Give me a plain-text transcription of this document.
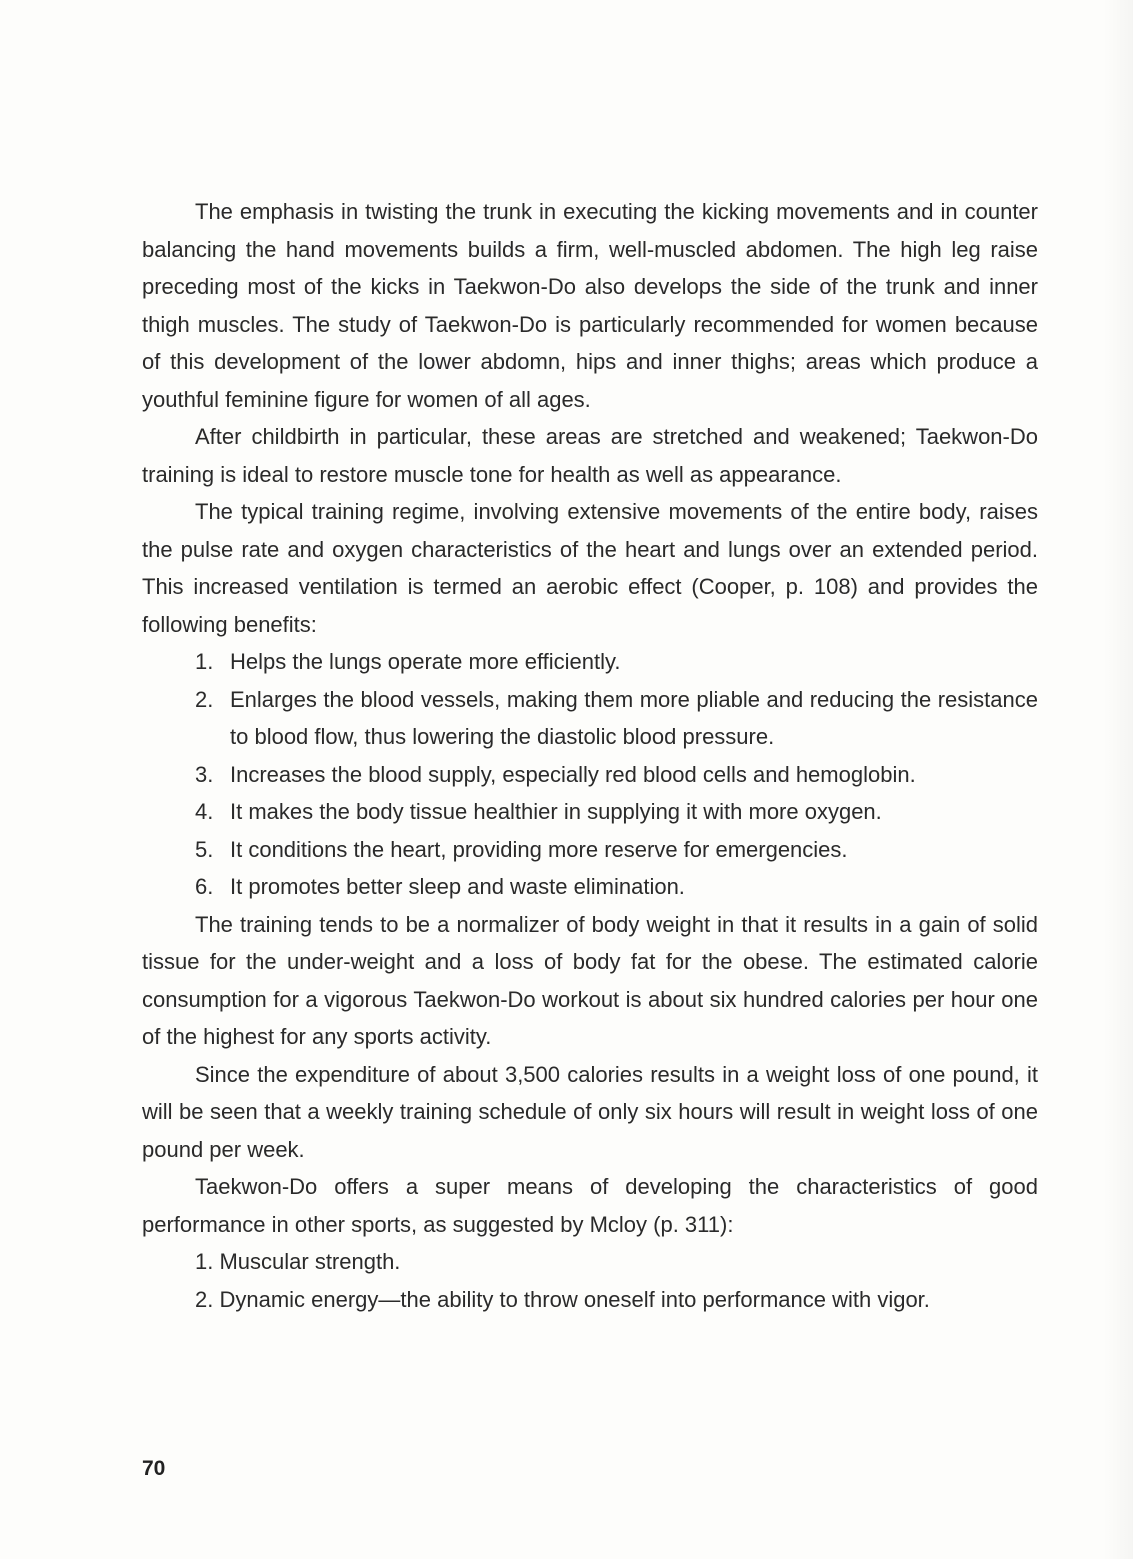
The emphasis in twisting the trunk in executing the kicking movements and in counter balancing the hand movements builds a firm, well-muscled abdomen. The high leg raise preceding most of the kicks in Taekwon-Do also develops the side of the trunk and inner thigh muscles. The study of Taekwon-Do is particularly recommended for women because of this development of the lower abdomn, hips and inner thighs; areas which produce a youthful feminine figure for women of all ages.

After childbirth in particular, these areas are stretched and weakened; Taekwon-Do training is ideal to restore muscle tone for health as well as appearance.

The typical training regime, involving extensive movements of the entire body, raises the pulse rate and oxygen characteristics of the heart and lungs over an extended period. This increased ventilation is termed an aerobic effect (Cooper, p. 108) and provides the following benefits:

1. Helps the lungs operate more efficiently.
2. Enlarges the blood vessels, making them more pliable and reducing the resistance to blood flow, thus lowering the diastolic blood pressure.
3. Increases the blood supply, especially red blood cells and hemoglobin.
4. It makes the body tissue healthier in supplying it with more oxygen.
5. It conditions the heart, providing more reserve for emergencies.
6. It promotes better sleep and waste elimination.

The training tends to be a normalizer of body weight in that it results in a gain of solid tissue for the under-weight and a loss of body fat for the obese. The estimated calorie consumption for a vigorous Taekwon-Do workout is about six hundred calories per hour one of the highest for any sports activity.

Since the expenditure of about 3,500 calories results in a weight loss of one pound, it will be seen that a weekly training schedule of only six hours will result in weight loss of one pound per week.

Taekwon-Do offers a super means of developing the characteristics of good performance in other sports, as suggested by Mcloy (p. 311):

1. Muscular strength.
2. Dynamic energy—the ability to throw oneself into performance with vigor.
70
